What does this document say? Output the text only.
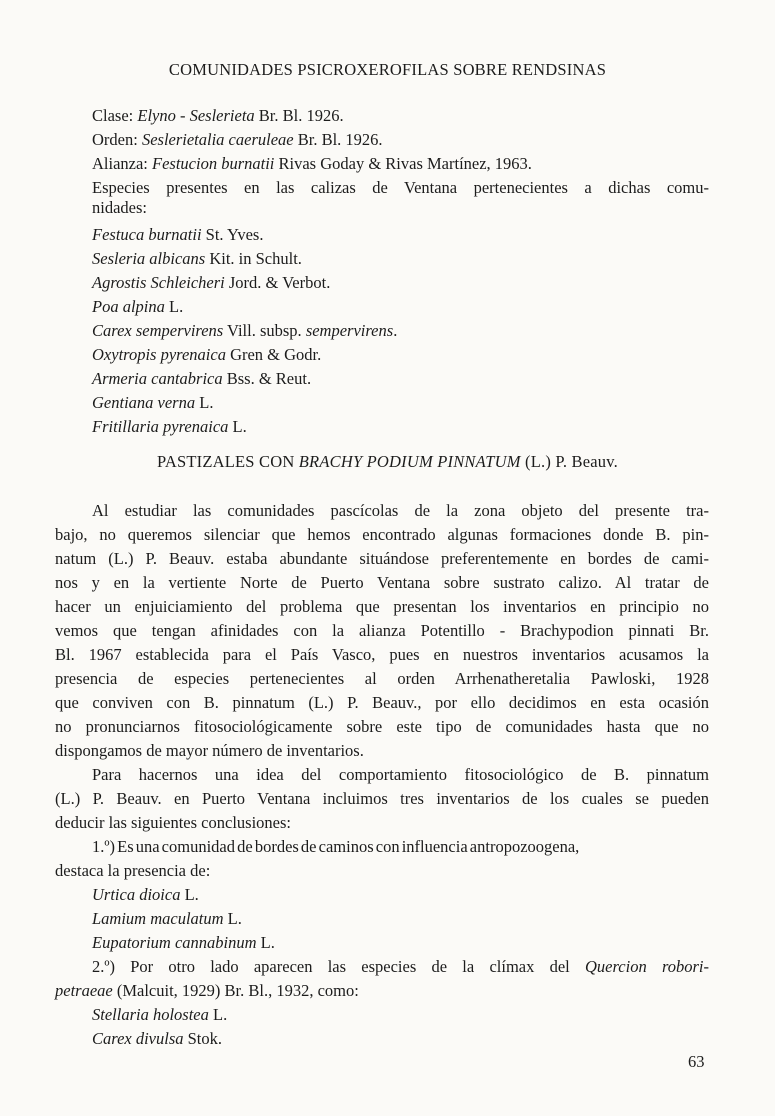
COMUNIDADES PSICROXEROFILAS SOBRE RENDSINAS
Clase: Elyno - Seslerieta Br. Bl. 1926.
Orden: Seslerietalia caeruleae Br. Bl. 1926.
Alianza: Festucion burnatii Rivas Goday & Rivas Martínez, 1963.
Especies presentes en las calizas de Ventana pertenecientes a dichas comu-
nidades:
Festuca burnatii St. Yves.
Sesleria albicans Kit. in Schult.
Agrostis Schleicheri Jord. & Verbot.
Poa alpina L.
Carex sempervirens Vill. subsp. sempervirens.
Oxytropis pyrenaica Gren & Godr.
Armeria cantabrica Bss. & Reut.
Gentiana verna L.
Fritillaria pyrenaica L.
PASTIZALES CON BRACHY PODIUM PINNATUM (L.) P. Beauv.
Al estudiar las comunidades pascícolas de la zona objeto del presente tra-
bajo, no queremos silenciar que hemos encontrado algunas formaciones donde B. pin-
natum (L.) P. Beauv. estaba abundante situándose preferentemente en bordes de cami-
nos y en la vertiente Norte de Puerto Ventana sobre sustrato calizo. Al tratar de
hacer un enjuiciamiento del problema que presentan los inventarios en principio no
vemos que tengan afinidades con la alianza Potentillo - Brachypodion pinnati Br.
Bl. 1967 establecida para el País Vasco, pues en nuestros inventarios acusamos la
presencia de especies pertenecientes al orden Arrhenatheretalia Pawloski, 1928
que conviven con B. pinnatum (L.) P. Beauv., por ello decidimos en esta ocasión
no pronunciarnos fitosociológicamente sobre este tipo de comunidades hasta que no
dispongamos de mayor número de inventarios.
Para hacernos una idea del comportamiento fitosociológico de B. pinnatum
(L.) P. Beauv. en Puerto Ventana incluimos tres inventarios de los cuales se pueden
deducir las siguientes conclusiones:
1.º) Es una comunidad de bordes de caminos con influencia antropozoogena,
destaca la presencia de:
Urtica dioica L.
Lamium maculatum L.
Eupatorium cannabinum L.
2.º) Por otro lado aparecen las especies de la clímax del Quercion robori-
petraeae (Malcuit, 1929) Br. Bl., 1932, como:
Stellaria holostea L.
Carex divulsa Stok.
63
